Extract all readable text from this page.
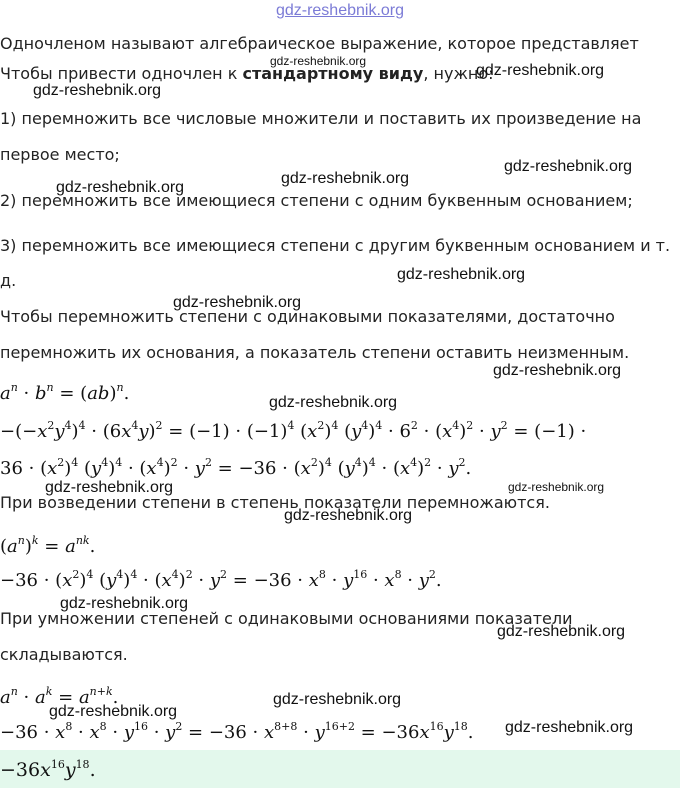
gdz-reshebnik.org
Одночленом называют алгебраическое выражение, которое представляет
Чтобы привести одночлен к стандартному виду, нужно:
1) перемножить все числовые множители и поставить их произведение на
первое место;
2) перемножить все имеющиеся степени с одним буквенным основанием;
3) перемножить все имеющиеся степени с другим буквенным основанием и т.
д.
Чтобы перемножить степени с одинаковыми показателями, достаточно
перемножить их основания, а показатель степени оставить неизменным.
$a^n \cdot b^n = (ab)^n$.
$-(-x^2y^4)^4 \cdot (6x^4y)^2 = (-1) \cdot (-1)^4$ $(x^2)^4$ $(y^4)^4 \cdot 6^2 \cdot (x^4)^2 \cdot y^2 = (-1)$ ·
$36 \cdot (x^2)^4$ $(y^4)^4 \cdot (x^4)^2 \cdot y^2 = -36 \cdot (x^2)^4$ $(y^4)^4 \cdot (x^4)^2 \cdot y^2$.
При возведении степени в степень показатели перемножаются.
$(a^n)^k = a^{nk}$.
$-36 \cdot (x^2)^4$ $(y^4)^4 \cdot (x^4)^2 \cdot y^2 = -36 \cdot x^8 \cdot y^{16} \cdot x^8 \cdot y^2$.
При умножении степеней с одинаковыми основаниями показатели
складываются.
$a^n \cdot a^k = a^{n+k}$.
$-36 \cdot x^8 \cdot x^8 \cdot y^{16} \cdot y^2 = -36 \cdot x^{8+8} \cdot y^{16+2} = -36x^{16}y^{18}$.
$-36x^{16}y^{18}$.
gdz-reshebnik.org
gdz-reshebnik.org
gdz-reshebnik.org
gdz-reshebnik.org
gdz-reshebnik.org
gdz-reshebnik.org
gdz-reshebnik.org
gdz-reshebnik.org
gdz-reshebnik.org
gdz-reshebnik.org
gdz-reshebnik.org	gdz-reshebnik.org
gdz-reshebnik.org
gdz-reshebnik.org
gdz-reshebnik.org
gdz-reshebnik.org
gdz-reshebnik.org
gdz-reshebnik.org
